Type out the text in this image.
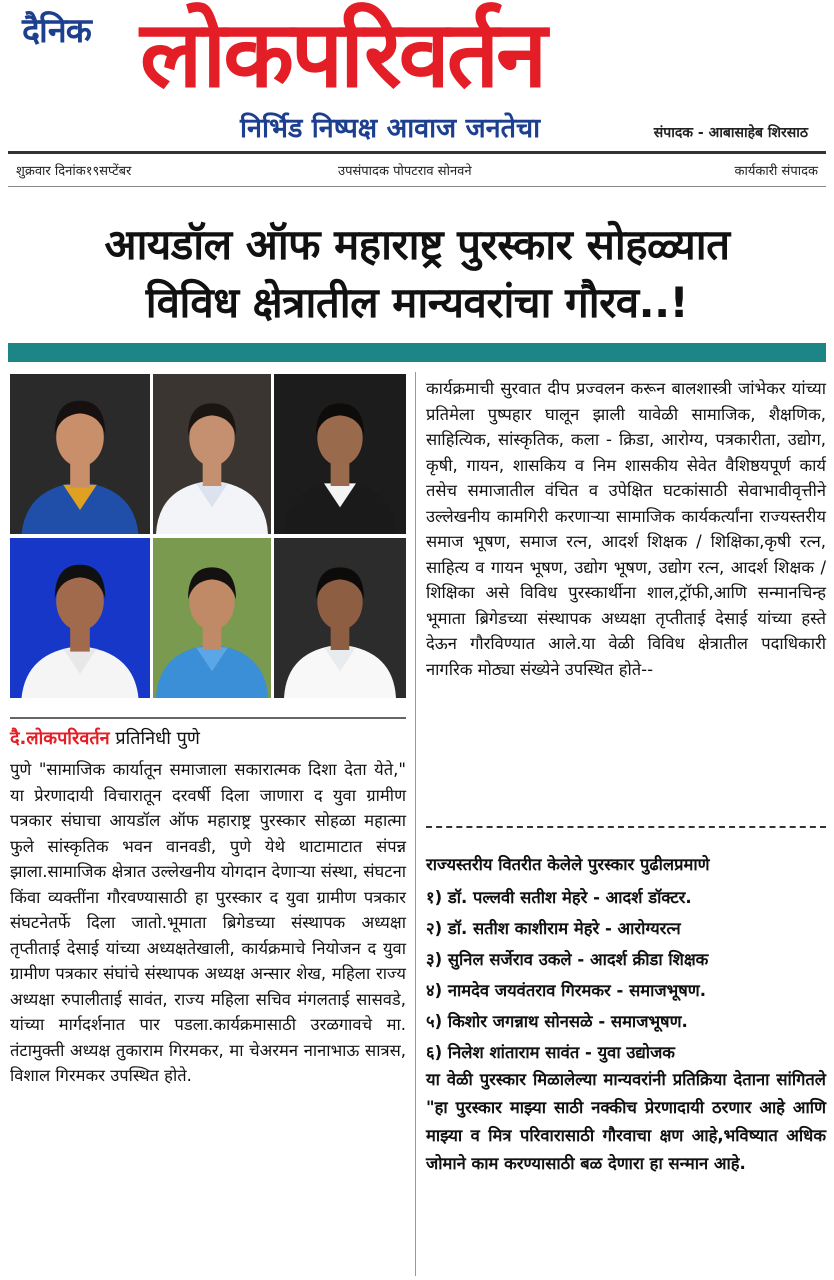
दैनिक लोकपरिवर्तन
निर्भिड निष्पक्ष आवाज जनतेचा	संपादक - आबासाहेब शिरसाठ
शुक्रवार दिनांक१९सप्टेंबर	उपसंपादक पोपटराव सोनवने	कार्यकारी संपादक
आयडॉल ऑफ महाराष्ट्र पुरस्कार सोहळ्यात
विविध क्षेत्रातील मान्यवरांचा गौरव..!
दै.लोकपरिवर्तन प्रतिनिधी पुणे
पुणे "सामाजिक कार्यातून समाजाला सकारात्मक दिशा देता येते," या प्रेरणादायी विचारातून दरवर्षी दिला जाणारा द युवा ग्रामीण पत्रकार संघाचा आयडॉल ऑफ महाराष्ट्र पुरस्कार सोहळा महात्मा फुले सांस्कृतिक भवन वानवडी, पुणे येथे थाटामाटात संपन्न झाला.सामाजिक क्षेत्रात उल्लेखनीय योगदान देणाऱ्या संस्था, संघटना किंवा व्यक्तींना गौरवण्यासाठी हा पुरस्कार द युवा ग्रामीण पत्रकार संघटनेतर्फे दिला जातो.भूमाता ब्रिगेडच्या संस्थापक अध्यक्षा तृप्तीताई देसाई यांच्या अध्यक्षतेखाली, कार्यक्रमाचे नियोजन द युवा ग्रामीण पत्रकार संघांचे संस्थापक अध्यक्ष अन्सार शेख, महिला राज्य अध्यक्षा रुपालीताई सावंत, राज्य महिला सचिव मंगलताई सासवडे, यांच्या मार्गदर्शनात पार पडला.कार्यक्रमासाठी उरळगावचे मा. तंटामुक्ती अध्यक्ष तुकाराम गिरमकर, मा चेअरमन नानाभाऊ सात्रस, विशाल गिरमकर उपस्थित होते.
कार्यक्रमाची सुरवात दीप प्रज्वलन करून बालशास्त्री जांभेकर यांच्या प्रतिमेला पुष्पहार घालून झाली यावेळी सामाजिक, शैक्षणिक, साहित्यिक, सांस्कृतिक, कला - क्रिडा, आरोग्य, पत्रकारीता, उद्योग, कृषी, गायन, शासकिय व निम शासकीय सेवेत वैशिष्ठयपूर्ण कार्य तसेच समाजातील वंचित व उपेक्षित घटकांसाठी सेवाभावीवृत्तीने उल्लेखनीय कामगिरी करणाऱ्या सामाजिक कार्यकर्त्यांना राज्यस्तरीय समाज भूषण, समाज रत्न, आदर्श शिक्षक / शिक्षिका,कृषी रत्न, साहित्य व गायन भूषण, उद्योग भूषण, उद्योग रत्न, आदर्श शिक्षक / शिक्षिका असे विविध पुरस्कार्थीना शाल,ट्रॉफी,आणि सन्मानचिन्ह भूमाता ब्रिगेडच्या संस्थापक अध्यक्षा तृप्तीताई देसाई यांच्या हस्ते देऊन गौरविण्यात आले.या वेळी विविध क्षेत्रातील पदाधिकारी नागरिक मोठ्या संख्येने उपस्थित होते--
राज्यस्तरीय वितरीत केलेले पुरस्कार पुढीलप्रमाणे
१) डॉ. पल्लवी सतीश मेहरे - आदर्श डॉक्टर.
२) डॉ. सतीश काशीराम मेहरे - आरोग्यरत्न
३) सुनिल सर्जेराव उकले - आदर्श क्रीडा शिक्षक
४) नामदेव जयवंतराव गिरमकर - समाजभूषण.
५) किशोर जगन्नाथ सोनसळे - समाजभूषण.
६) निलेश शांताराम सावंत - युवा उद्योजक
या वेळी पुरस्कार मिळालेल्या मान्यवरांनी प्रतिक्रिया देताना सांगितले "हा पुरस्कार माझ्या साठी नक्कीच प्रेरणादायी ठरणार आहे आणि माझ्या व मित्र परिवारासाठी गौरवाचा क्षण आहे,भविष्यात अधिक जोमाने काम करण्यासाठी बळ देणारा हा सन्मान आहे.
